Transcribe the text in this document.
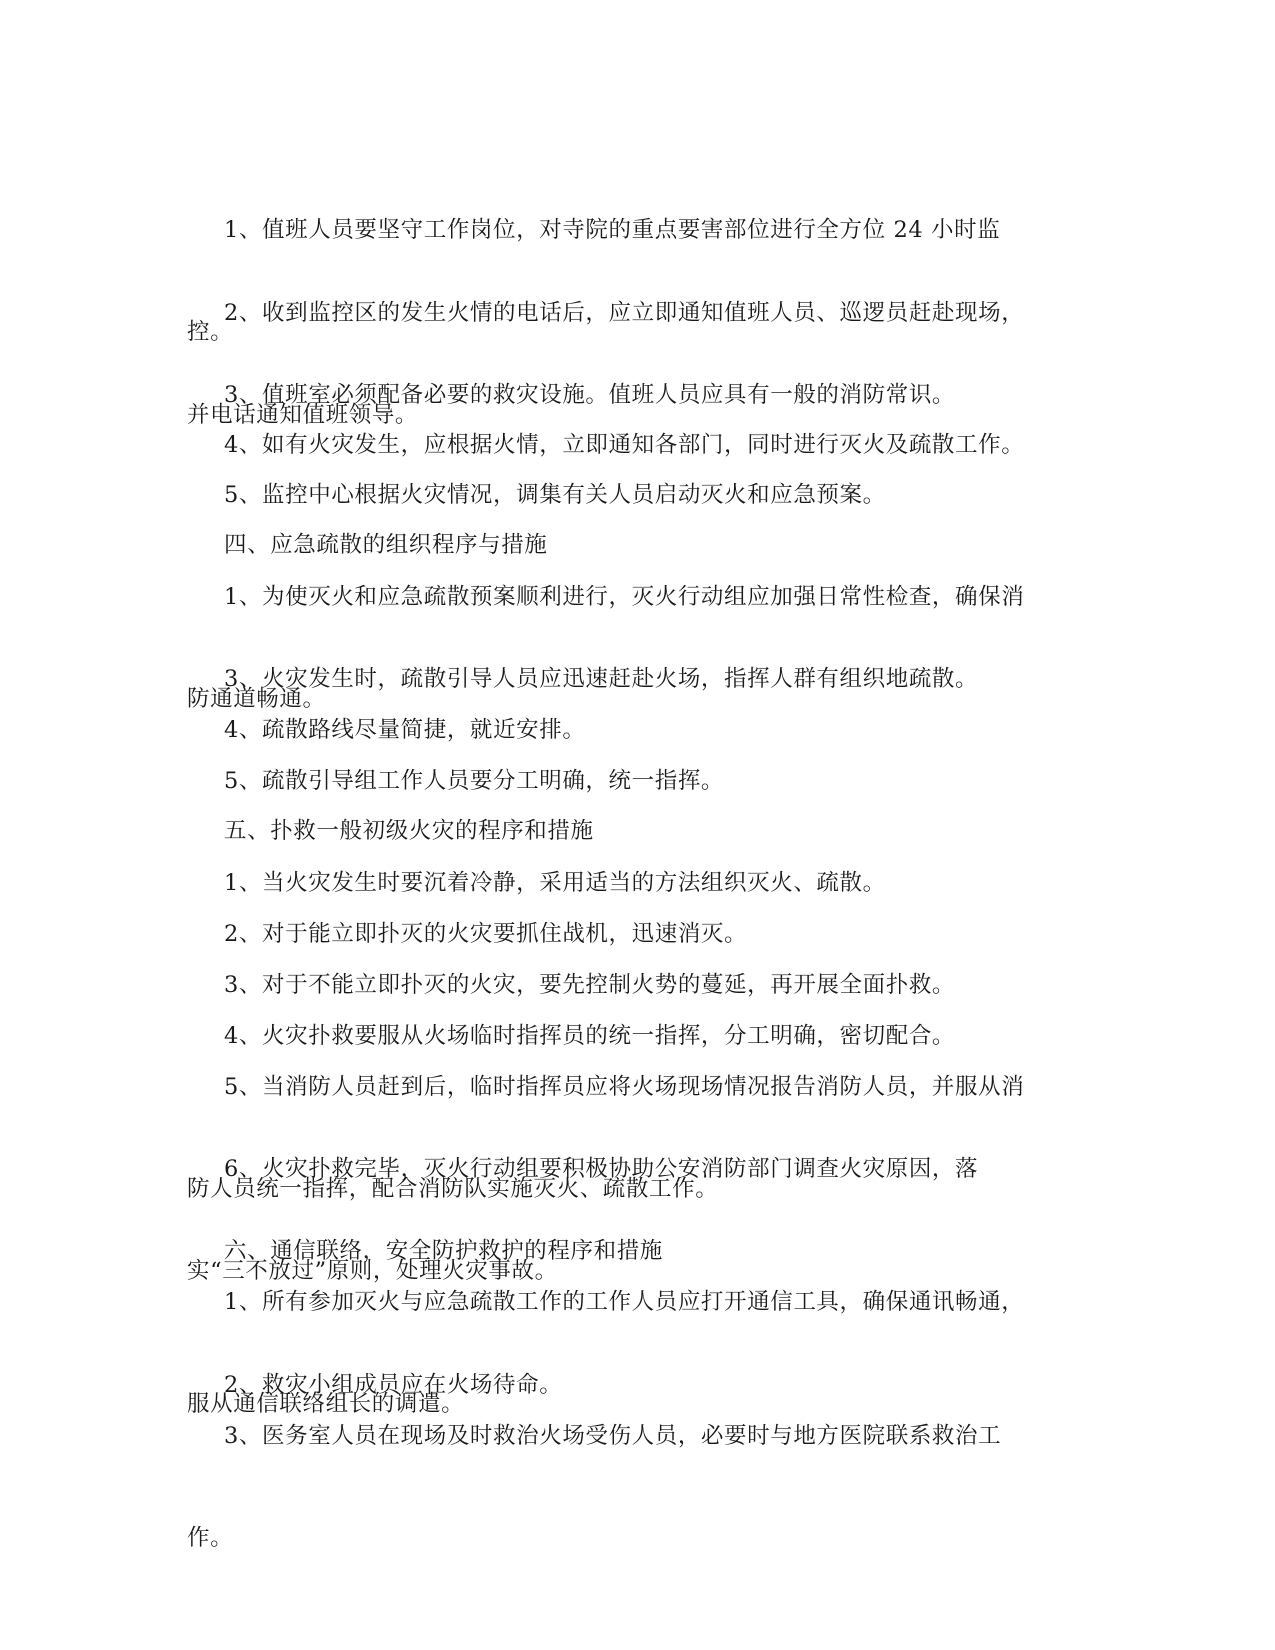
1、值班人员要坚守工作岗位，对寺院的重点要害部位进行全方位 24 小时监

控。

2、收到监控区的发生火情的电话后，应立即通知值班人员、巡逻员赶赴现场，

并电话通知值班领导。

3、值班室必须配备必要的救灾设施。值班人员应具有一般的消防常识。

4、如有火灾发生，应根据火情，立即通知各部门，同时进行灭火及疏散工作。

5、监控中心根据火灾情况，调集有关人员启动灭火和应急预案。

四、应急疏散的组织程序与措施

1、为使灭火和应急疏散预案顺利进行，灭火行动组应加强日常性检查，确保消

防通道畅通。

3、火灾发生时，疏散引导人员应迅速赶赴火场，指挥人群有组织地疏散。

4、疏散路线尽量简捷，就近安排。

5、疏散引导组工作人员要分工明确，统一指挥。

五、扑救一般初级火灾的程序和措施

1、当火灾发生时要沉着冷静，采用适当的方法组织灭火、疏散。

2、对于能立即扑灭的火灾要抓住战机，迅速消灭。

3、对于不能立即扑灭的火灾，要先控制火势的蔓延，再开展全面扑救。

4、火灾扑救要服从火场临时指挥员的统一指挥，分工明确，密切配合。

5、当消防人员赶到后，临时指挥员应将火场现场情况报告消防人员，并服从消

防人员统一指挥，配合消防队实施灭火、疏散工作。

6、火灾扑救完毕，灭火行动组要积极协助公安消防部门调查火灾原因，落

实“三不放过”原则，处理火灾事故。

六、通信联络，安全防护救护的程序和措施

1、所有参加灭火与应急疏散工作的工作人员应打开通信工具，确保通讯畅通，

服从通信联络组长的调遣。

2、救灾小组成员应在火场待命。

3、医务室人员在现场及时救治火场受伤人员，必要时与地方医院联系救治工

作。
